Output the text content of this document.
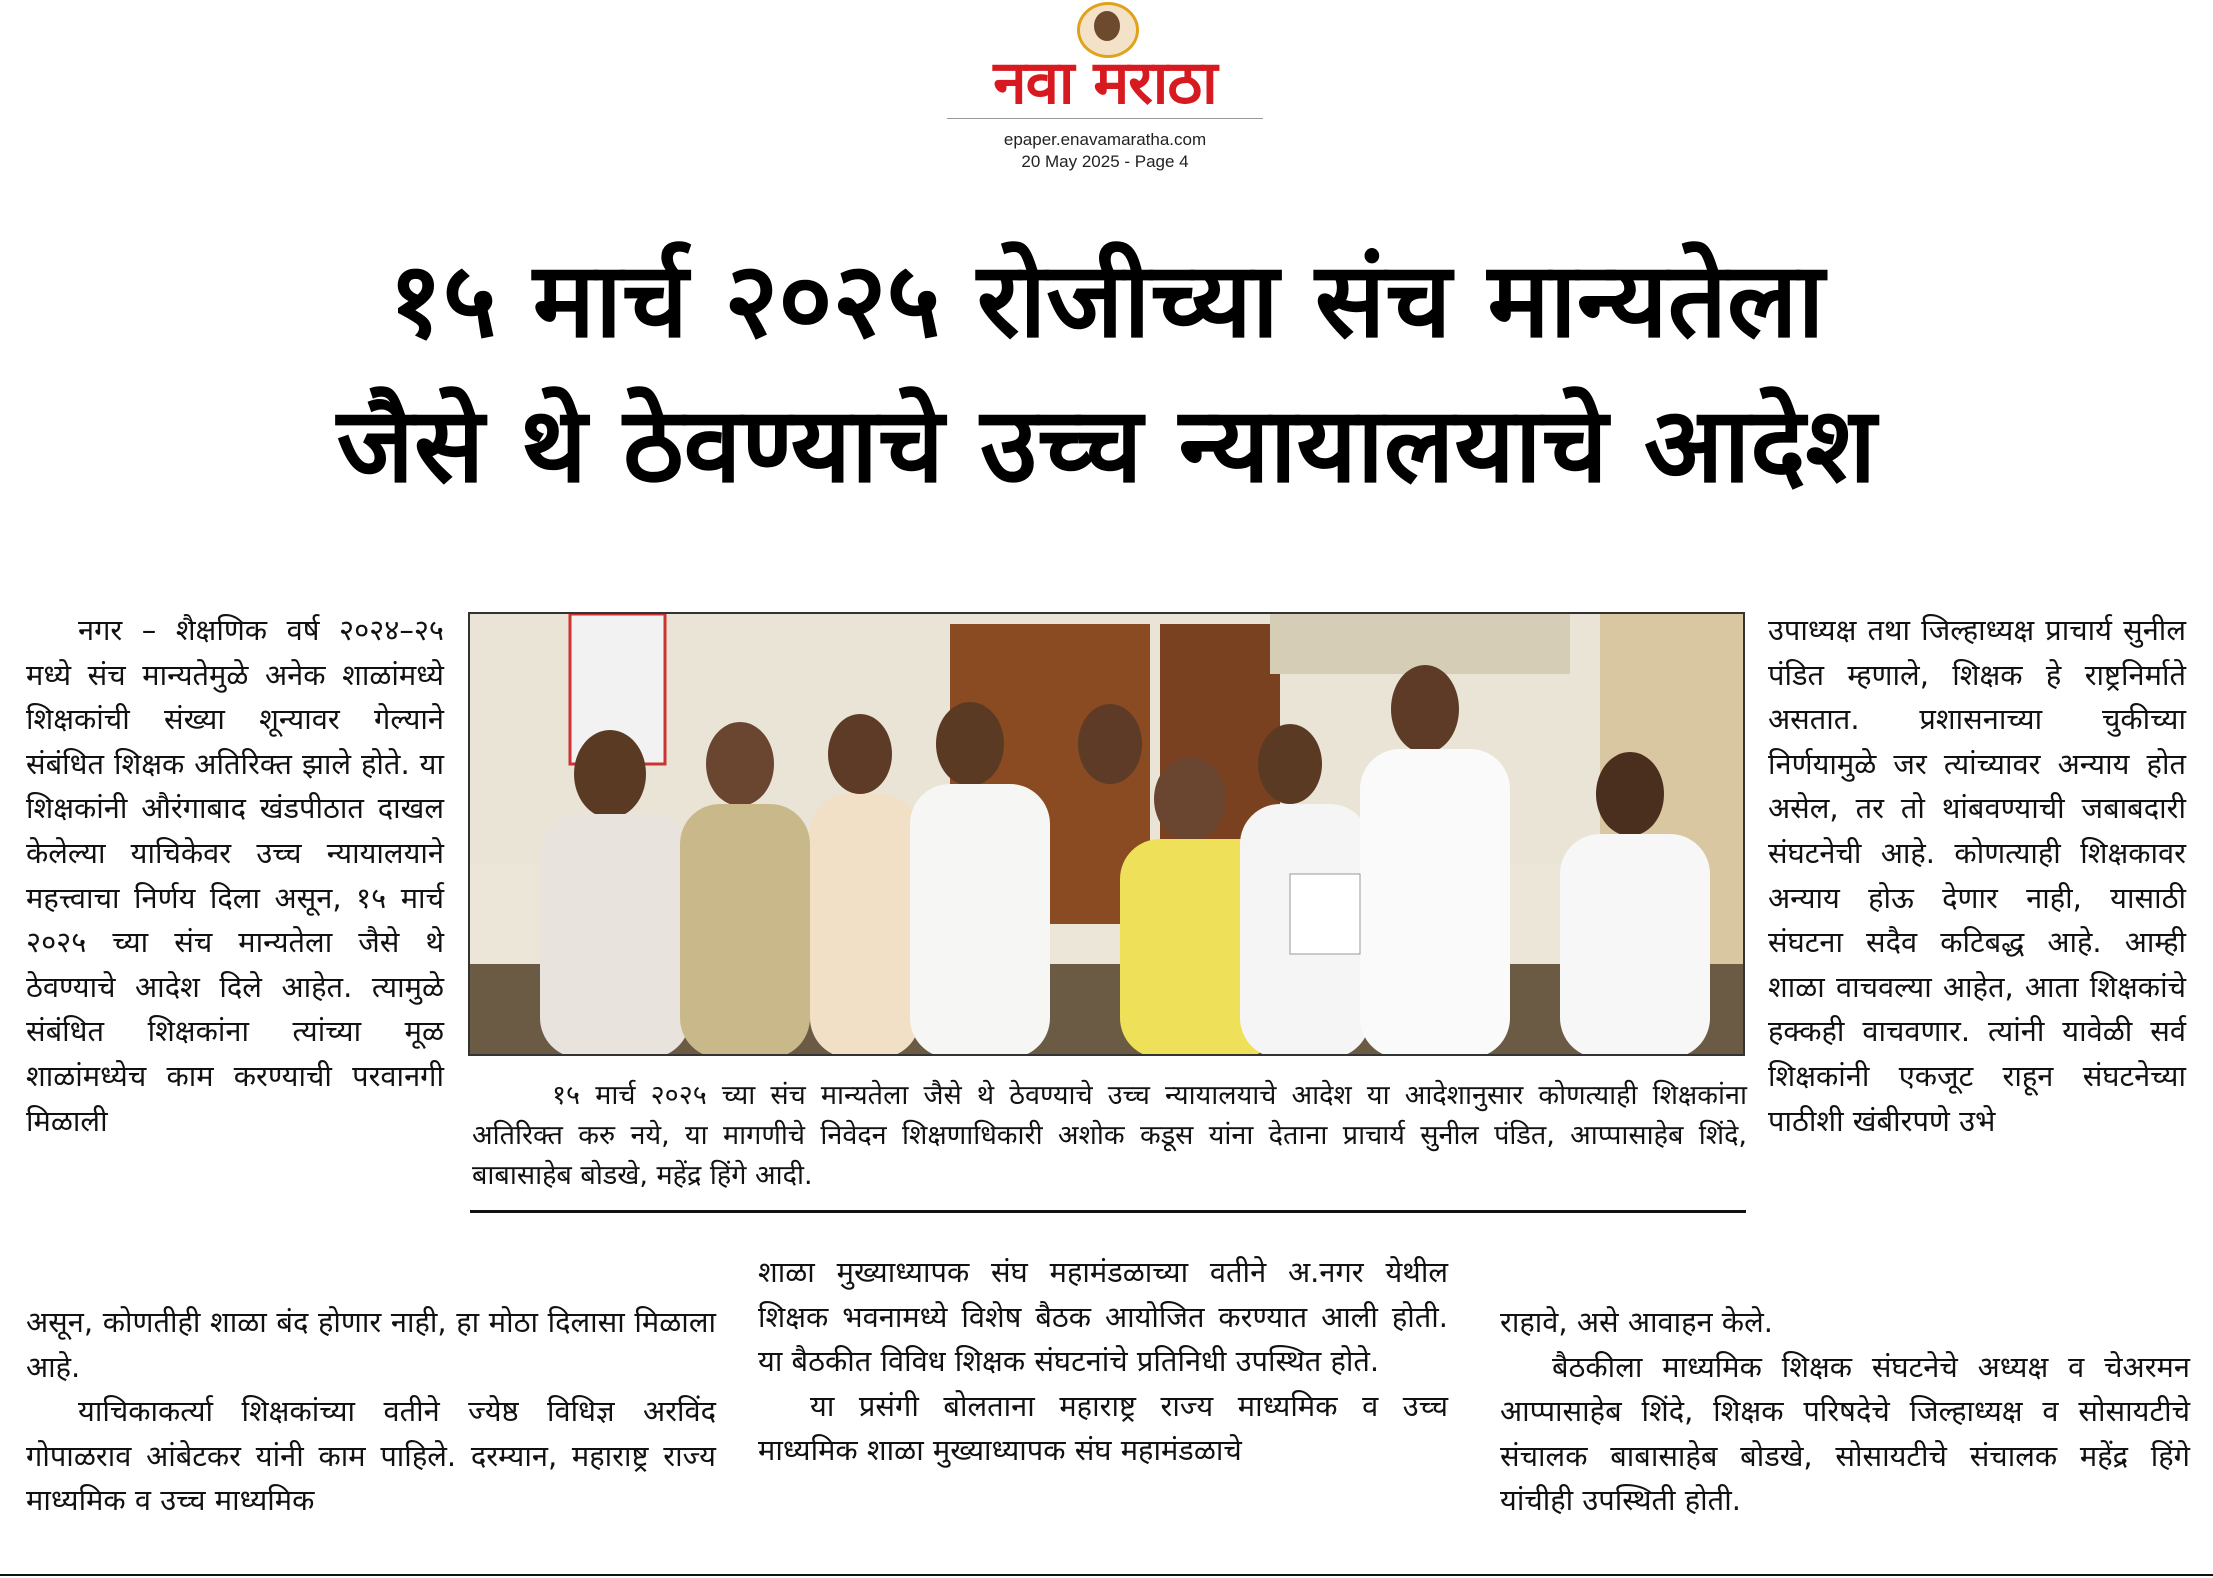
नवा मराठा
epaper.enavamaratha.com
20 May 2025 - Page 4
१५ मार्च २०२५ रोजीच्या संच मान्यतेला
जैसे थे ठेवण्याचे उच्च न्यायालयाचे आदेश

नगर – शैक्षणिक वर्ष २०२४–२५ मध्ये संच मान्यतेमुळे अनेक शाळांमध्ये शिक्षकांची संख्या शून्यावर गेल्याने संबंधित शिक्षक अतिरिक्त झाले होते. या शिक्षकांनी औरंगाबाद खंडपीठात दाखल केलेल्या याचिकेवर उच्च न्यायालयाने महत्त्वाचा निर्णय दिला असून, १५ मार्च २०२५ च्या संच मान्यतेला जैसे थे ठेवण्याचे आदेश दिले आहेत. त्यामुळे संबंधित शिक्षकांना त्यांच्या मूळ शाळांमध्येच काम करण्याची परवानगी मिळाली

असून, कोणतीही शाळा बंद होणार नाही, हा मोठा दिलासा मिळाला आहे.

याचिकाकर्त्या शिक्षकांच्या वतीने ज्येष्ठ विधिज्ञ अरविंद गोपाळराव आंबेटकर यांनी काम पाहिले. दरम्यान, महाराष्ट्र राज्य माध्यमिक व उच्च माध्यमिक

शाळा मुख्याध्यापक संघ महामंडळाच्या वतीने अ.नगर येथील शिक्षक भवनामध्ये विशेष बैठक आयोजित करण्यात आली होती. या बैठकीत विविध शिक्षक संघटनांचे प्रतिनिधी उपस्थित होते.

या प्रसंगी बोलताना महाराष्ट्र राज्य माध्यमिक व उच्च माध्यमिक शाळा मुख्याध्यापक संघ महामंडळाचे

उपाध्यक्ष तथा जिल्हाध्यक्ष प्राचार्य सुनील पंडित म्हणाले, शिक्षक हे राष्ट्रनिर्माते असतात. प्रशासनाच्या चुकीच्या निर्णयामुळे जर त्यांच्यावर अन्याय होत असेल, तर तो थांबवण्याची जबाबदारी संघटनेची आहे. कोणत्याही शिक्षकावर अन्याय होऊ देणार नाही, यासाठी संघटना सदैव कटिबद्ध आहे. आम्ही शाळा वाचवल्या आहेत, आता शिक्षकांचे हक्कही वाचवणार. त्यांनी यावेळी सर्व शिक्षकांनी एकजूट राहून संघटनेच्या पाठीशी खंबीरपणे उभे

राहावे, असे आवाहन केले.

बैठकीला माध्यमिक शिक्षक संघटनेचे अध्यक्ष व चेअरमन आप्पासाहेब शिंदे, शिक्षक परिषदेचे जिल्हाध्यक्ष व सोसायटीचे संचालक बाबासाहेब बोडखे, सोसायटीचे संचालक महेंद्र हिंगे यांचीही उपस्थिती होती.

१५ मार्च २०२५ च्या संच मान्यतेला जैसे थे ठेवण्याचे उच्च न्यायालयाचे आदेश या आदेशानुसार कोणत्याही शिक्षकांना अतिरिक्त करु नये, या मागणीचे निवेदन शिक्षणाधिकारी अशोक कडूस यांना देताना प्राचार्य सुनील पंडित, आप्पासाहेब शिंदे, बाबासाहेब बोडखे, महेंद्र हिंगे आदी.
